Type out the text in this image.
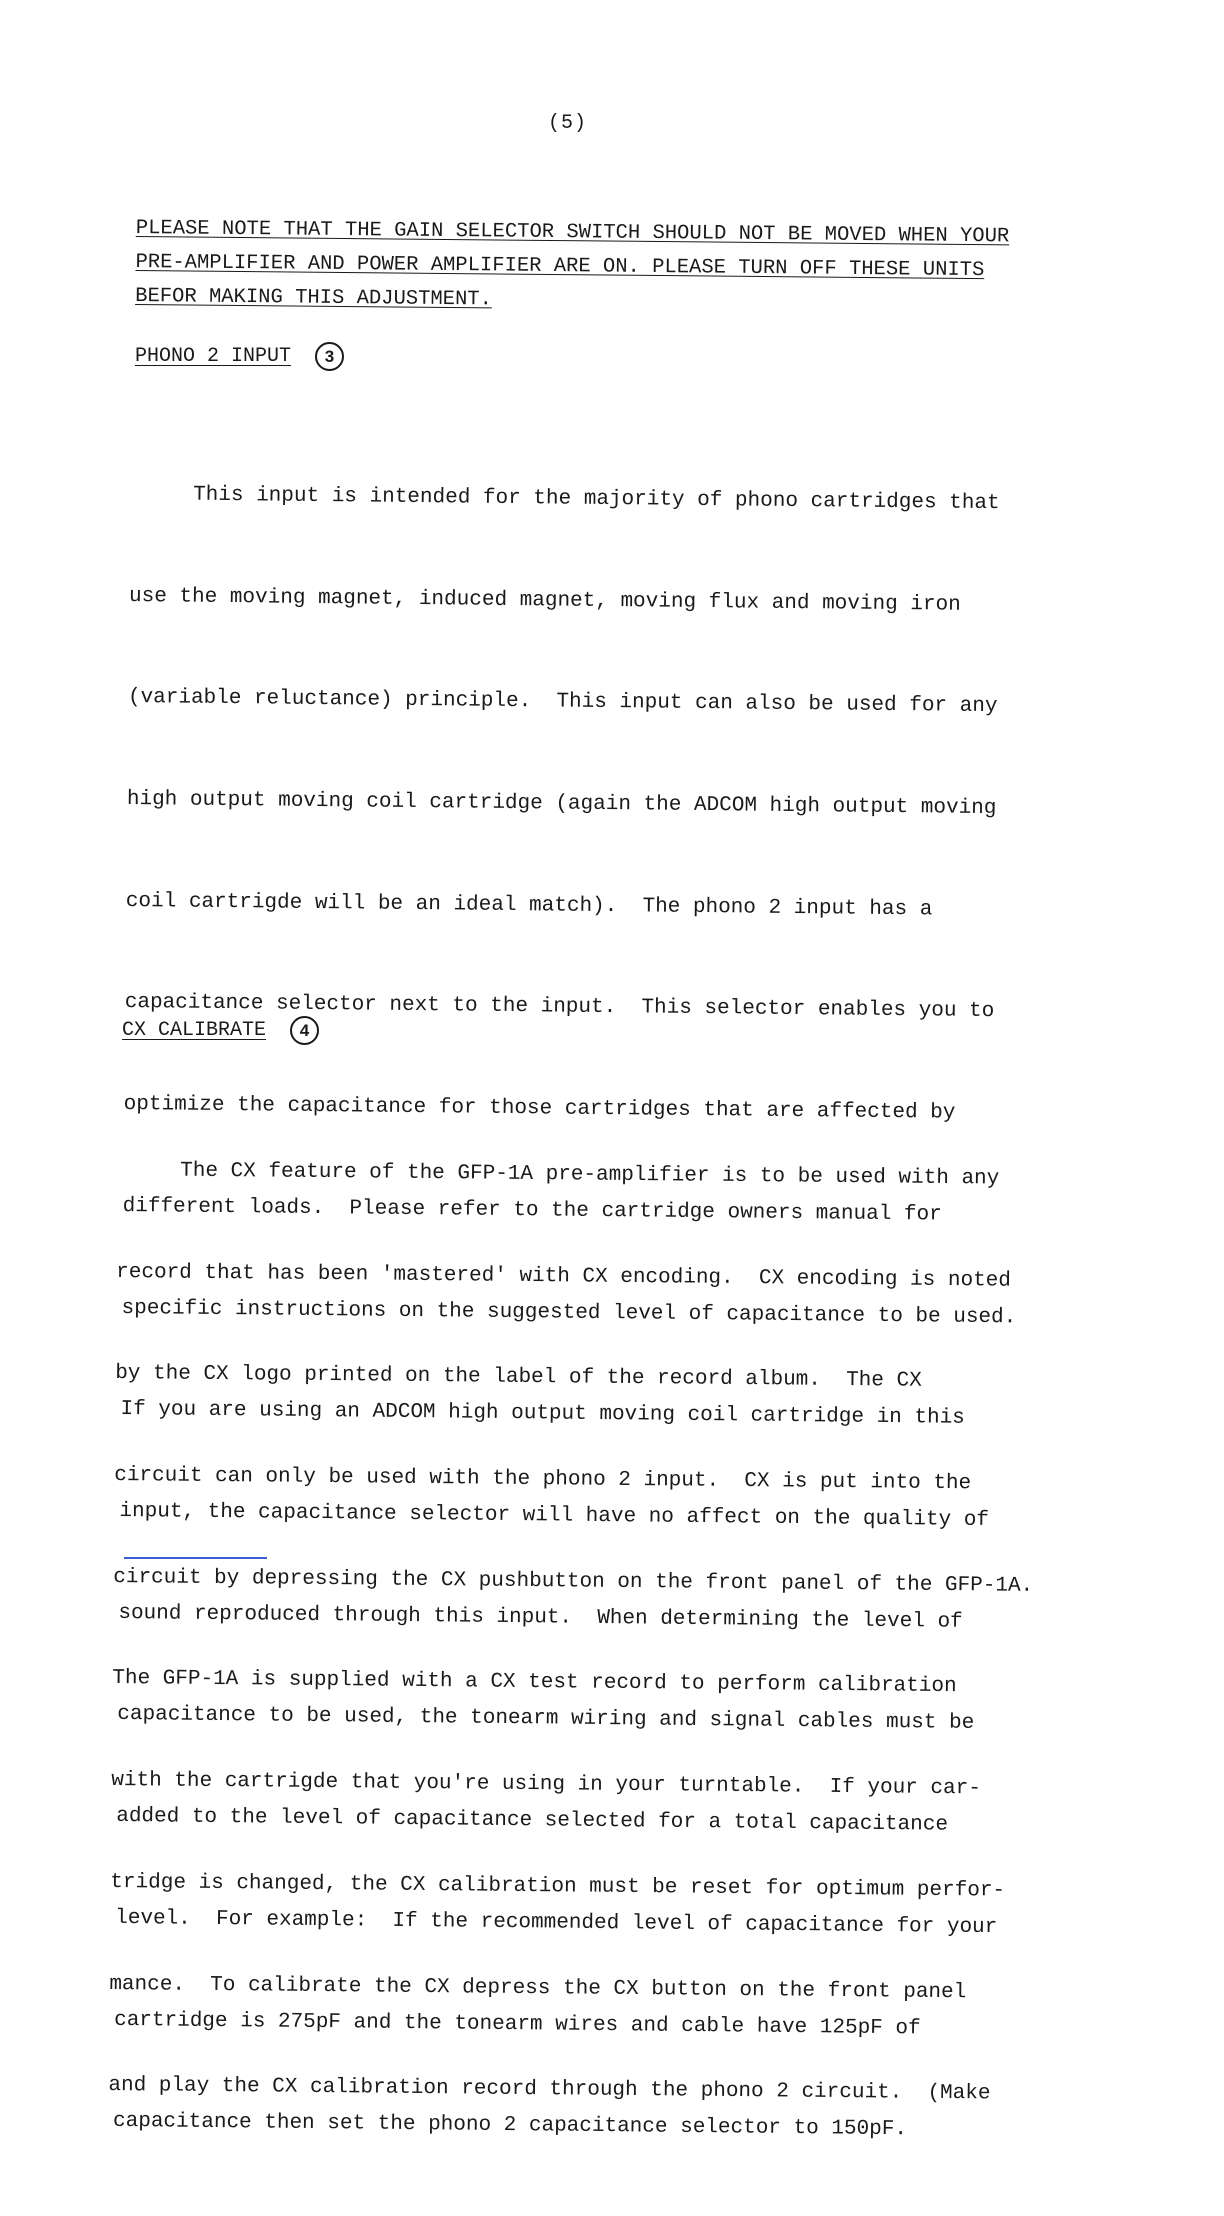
(5)
PLEASE NOTE THAT THE GAIN SELECTOR SWITCH SHOULD NOT BE MOVED WHEN YOUR
PRE-AMPLIFIER AND POWER AMPLIFIER ARE ON. PLEASE TURN OFF THESE UNITS
BEFOR MAKING THIS ADJUSTMENT.
PHONO 2 INPUT	3

This input is intended for the majority of phono cartridges that

use the moving magnet, induced magnet, moving flux and moving iron

(variable reluctance) principle.  This input can also be used for any

high output moving coil cartridge (again the ADCOM high output moving

coil cartrigde will be an ideal match).  The phono 2 input has a

capacitance selector next to the input.  This selector enables you to

optimize the capacitance for those cartridges that are affected by

different loads.  Please refer to the cartridge owners manual for

specific instructions on the suggested level of capacitance to be used.

If you are using an ADCOM high output moving coil cartridge in this

input, the capacitance selector will have no affect on the quality of

sound reproduced through this input.  When determining the level of

capacitance to be used, the tonearm wiring and signal cables must be

added to the level of capacitance selected for a total capacitance

level.  For example:  If the recommended level of capacitance for your

cartridge is 275pF and the tonearm wires and cable have 125pF of

capacitance then set the phono 2 capacitance selector to 150pF.

CX CALIBRATE	4

The CX feature of the GFP-1A pre-amplifier is to be used with any

record that has been 'mastered' with CX encoding.  CX encoding is noted

by the CX logo printed on the label of the record album.  The CX

circuit can only be used with the phono 2 input.  CX is put into the

circuit by depressing the CX pushbutton on the front panel of the GFP-1A.

The GFP-1A is supplied with a CX test record to perform calibration

with the cartrigde that you're using in your turntable.  If your car-

tridge is changed, the CX calibration must be reset for optimum perfor-

mance.  To calibrate the CX depress the CX button on the front panel

and play the CX calibration record through the phono 2 circuit.  (Make
